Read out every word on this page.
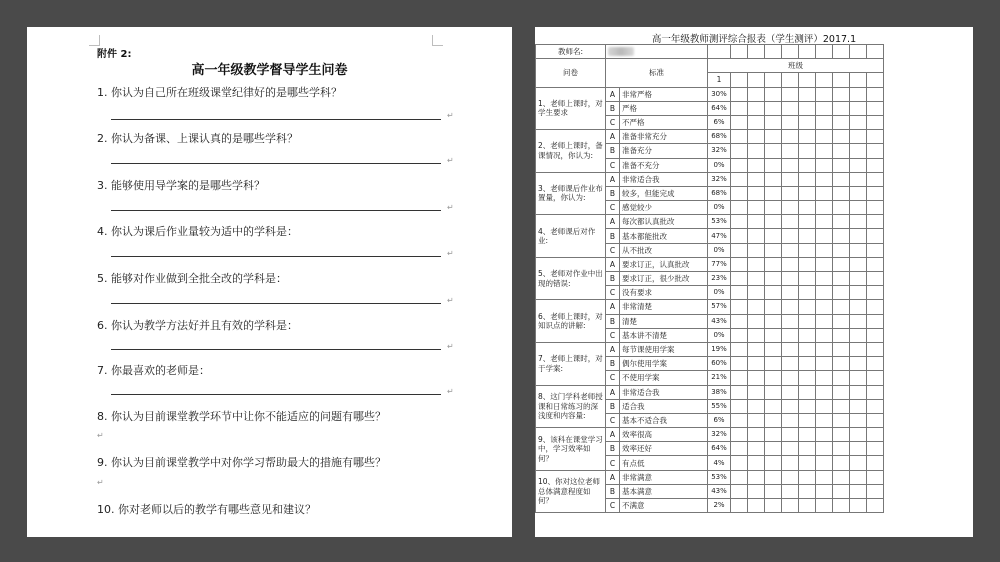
附件 2:
高一年级教学督导学生问卷
1. 你认为自己所在班级课堂纪律好的是哪些学科？
↵
2. 你认为备课、上课认真的是哪些学科？
↵
3. 能够使用导学案的是哪些学科？
↵
4. 你认为课后作业量较为适中的学科是：
↵
5. 能够对作业做到全批全改的学科是：
↵
6. 你认为教学方法好并且有效的学科是：
↵
7. 你最喜欢的老师是：
↵
8. 你认为目前课堂教学环节中让你不能适应的问题有哪些？
↵
9. 你认为目前课堂教学中对你学习帮助最大的措施有哪些？
↵
10. 你对老师以后的教学有哪些意见和建议？
高一年级教师测评综合报表（学生测评）2017.1
教师名:												
问卷	标准		班级									
			1									
1、老师上课时，对学生要求	A	非常严格	30%									
	B	严格	64%									
	C	不严格	6%									
2、老师上课时，备课情况，你认为:	A	准备非常充分	68%									
	B	准备充分	32%									
	C	准备不充分	0%									
3、老师课后作业布置量，你认为:	A	非常适合我	32%									
	B	较多，但能完成	68%									
	C	感觉较少	0%									
4、老师课后对作业:	A	每次都认真批改	53%									
	B	基本都能批改	47%									
	C	从不批改	0%									
5、老师对作业中出现的错误:	A	要求订正，认真批改	77%									
	B	要求订正，很少批改	23%									
	C	没有要求	0%									
6、老师上课时，对知识点的讲解:	A	非常清楚	57%									
	B	清楚	43%									
	C	基本讲不清楚	0%									
7、老师上课时，对于学案:	A	每节课使用学案	19%									
	B	偶尔使用学案	60%									
	C	不使用学案	21%									
8、这门学科老师授课和日常练习的深浅度和内容量:	A	非常适合我	38%									
	B	适合我	55%									
	C	基本不适合我	6%									
9、该科在课堂学习中，学习效率如何？	A	效率很高	32%									
	B	效率还好	64%									
	C	有点低	4%									
10、你对这位老师总体满意程度如何？	A	非常满意	53%									
	B	基本满意	43%									
	C	不满意	2%									
